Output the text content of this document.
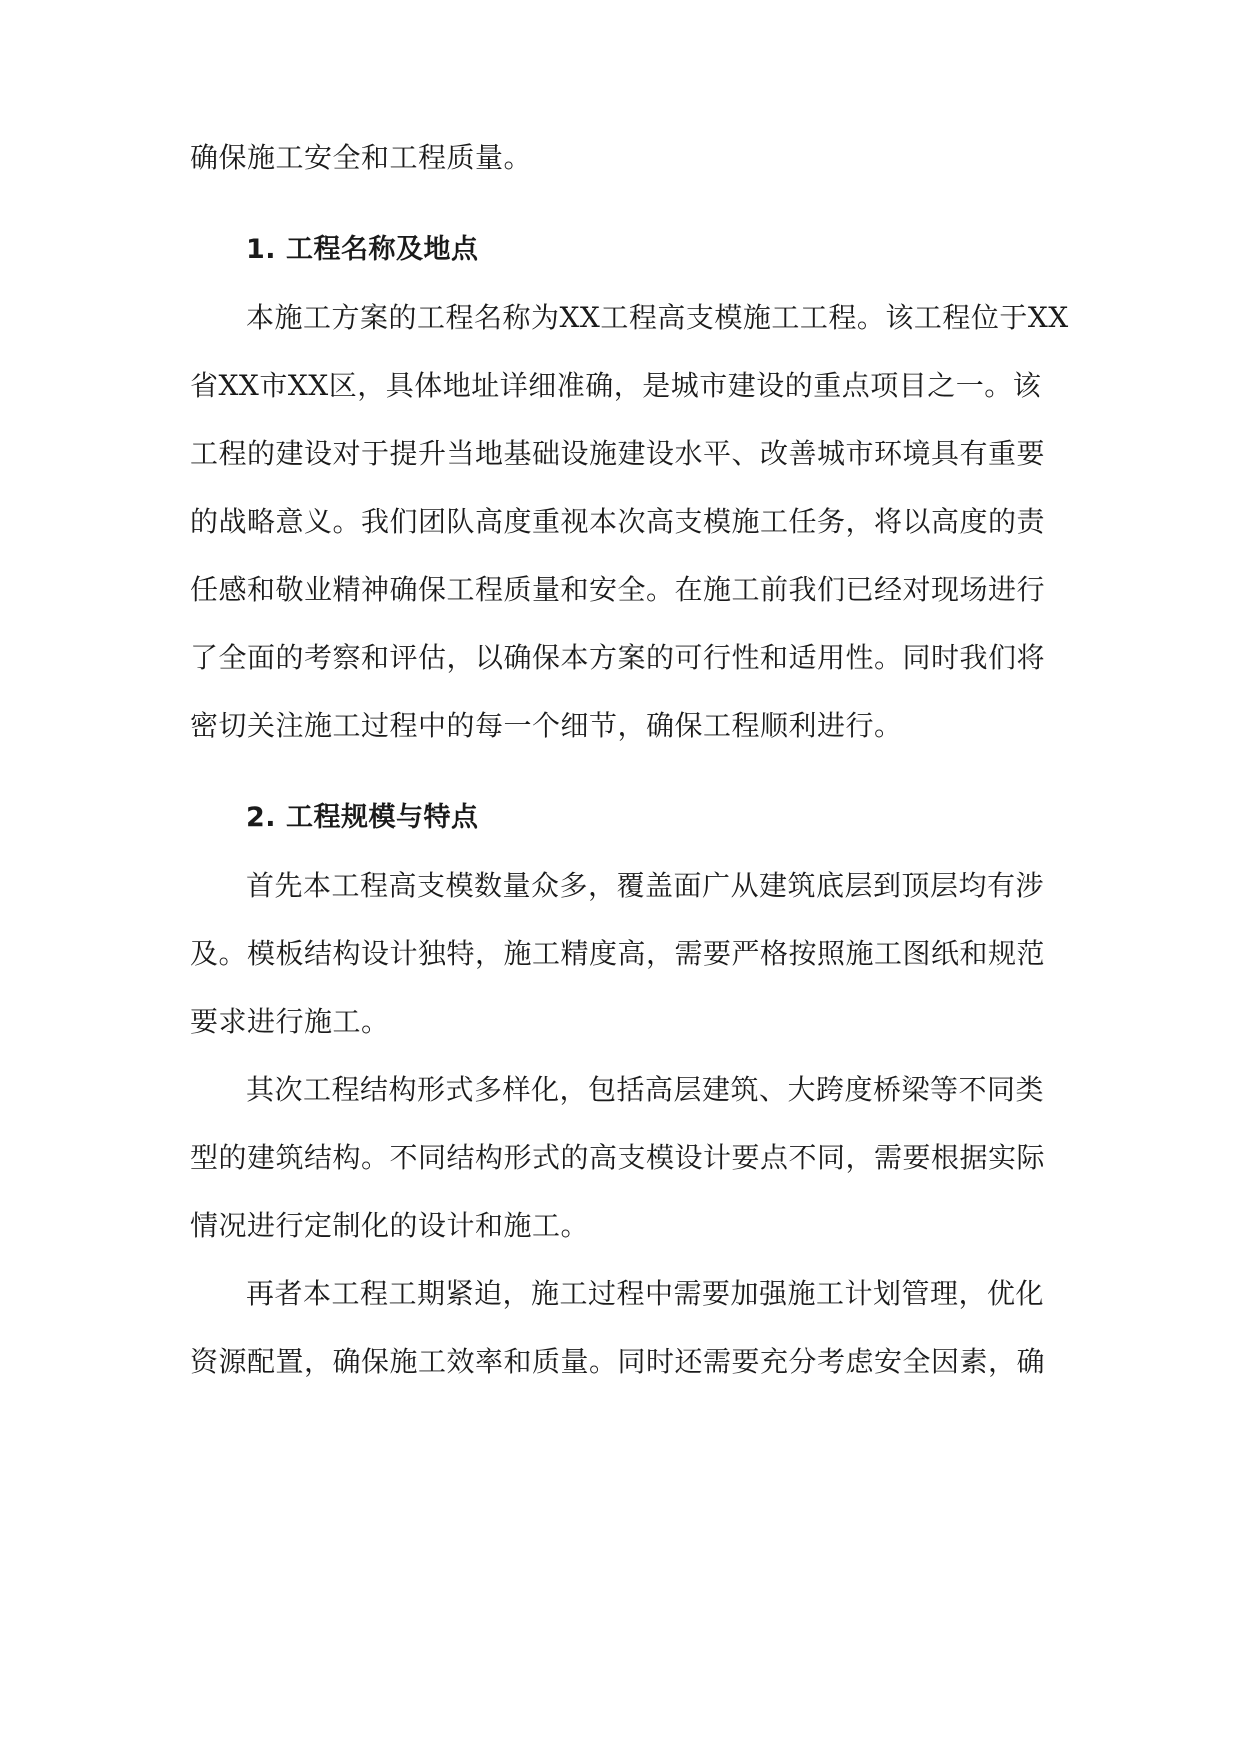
确保施工安全和工程质量。
1. 工程名称及地点
本施工方案的工程名称为XX工程高支模施工工程。该工程位于XX
省XX市XX区，具体地址详细准确，是城市建设的重点项目之一。该
工程的建设对于提升当地基础设施建设水平、改善城市环境具有重要
的战略意义。我们团队高度重视本次高支模施工任务，将以高度的责
任感和敬业精神确保工程质量和安全。在施工前我们已经对现场进行
了全面的考察和评估，以确保本方案的可行性和适用性。同时我们将
密切关注施工过程中的每一个细节，确保工程顺利进行。
2. 工程规模与特点
首先本工程高支模数量众多，覆盖面广从建筑底层到顶层均有涉
及。模板结构设计独特，施工精度高，需要严格按照施工图纸和规范
要求进行施工。
其次工程结构形式多样化，包括高层建筑、大跨度桥梁等不同类
型的建筑结构。不同结构形式的高支模设计要点不同，需要根据实际
情况进行定制化的设计和施工。
再者本工程工期紧迫，施工过程中需要加强施工计划管理，优化
资源配置，确保施工效率和质量。同时还需要充分考虑安全因素，确
